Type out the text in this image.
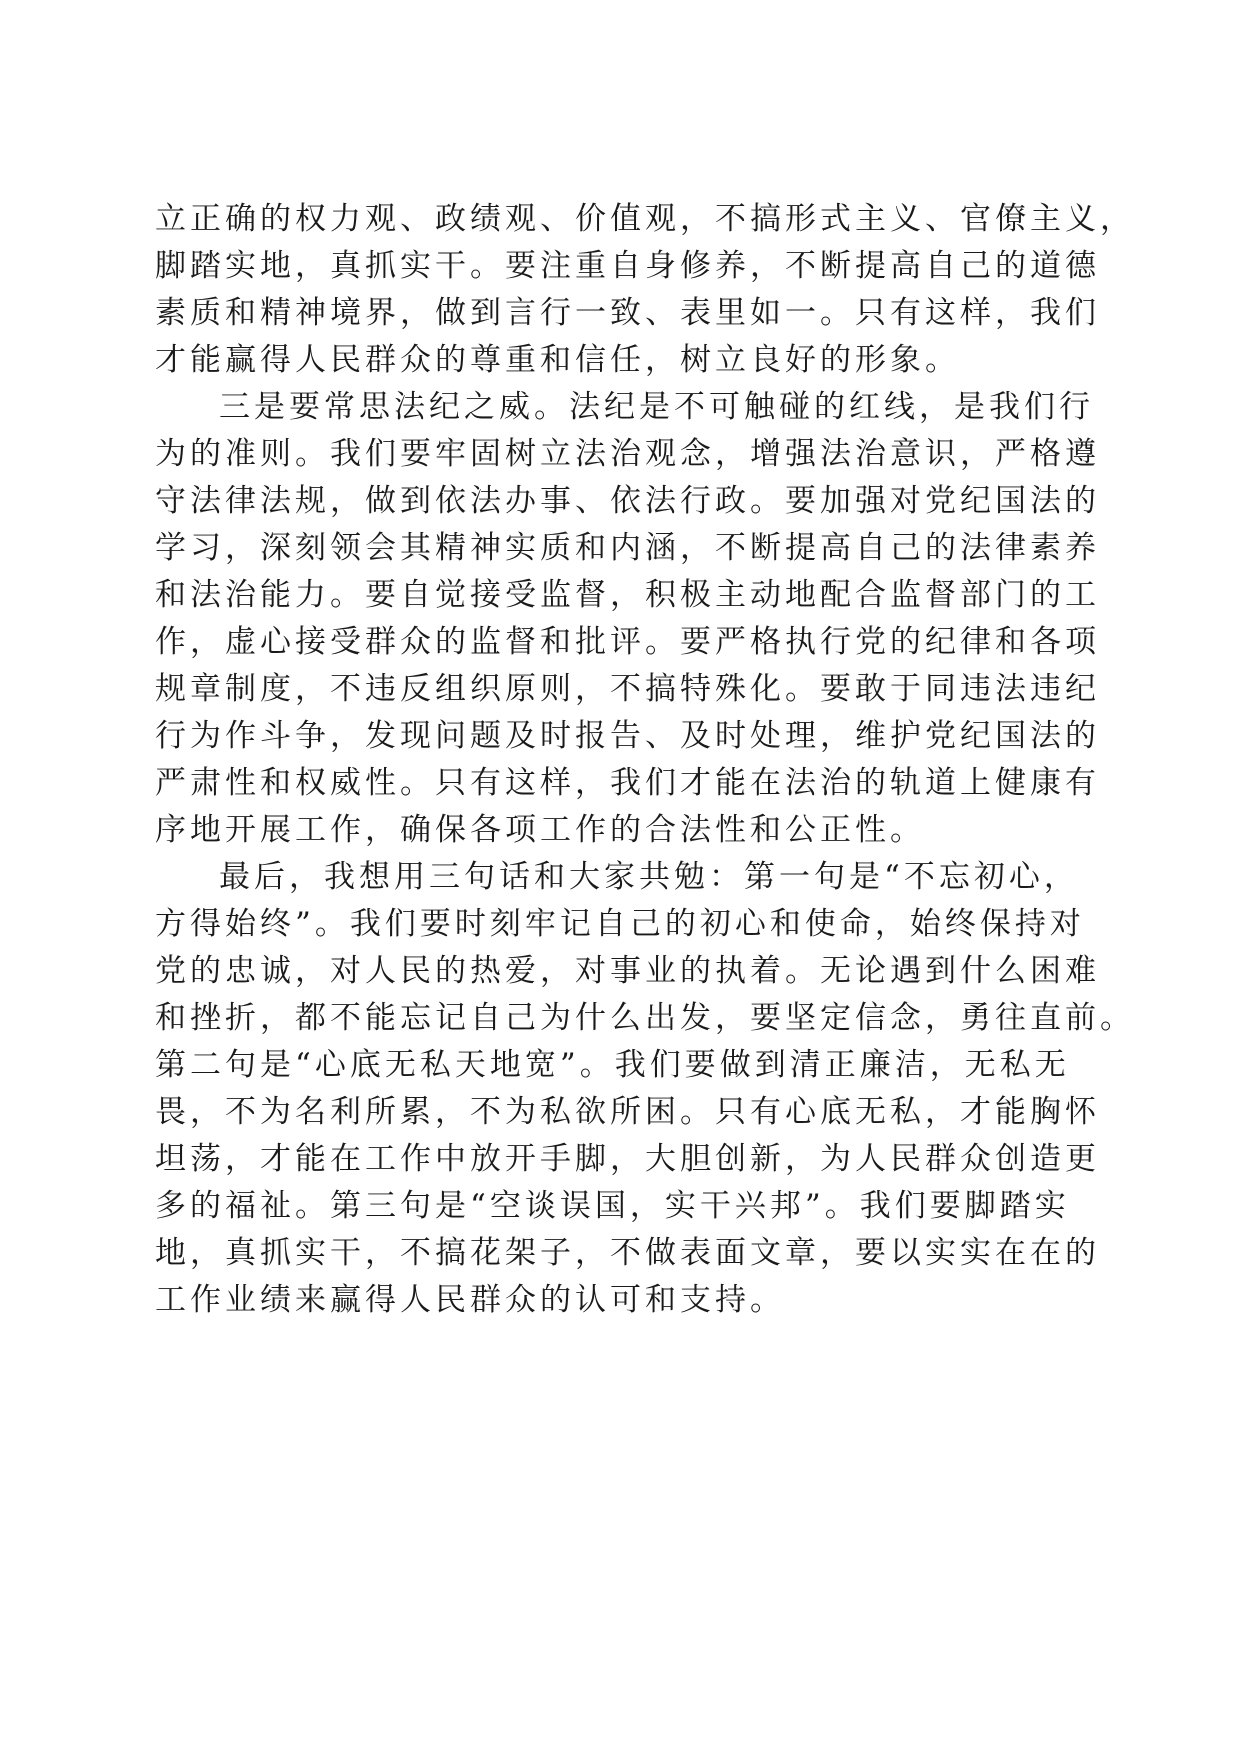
立正确的权力观、政绩观、价值观，不搞形式主义、官僚主义，
脚踏实地，真抓实干。要注重自身修养，不断提高自己的道德
素质和精神境界，做到言行一致、表里如一。只有这样，我们
才能赢得人民群众的尊重和信任，树立良好的形象。
三是要常思法纪之威。法纪是不可触碰的红线，是我们行
为的准则。我们要牢固树立法治观念，增强法治意识，严格遵
守法律法规，做到依法办事、依法行政。要加强对党纪国法的
学习，深刻领会其精神实质和内涵，不断提高自己的法律素养
和法治能力。要自觉接受监督，积极主动地配合监督部门的工
作，虚心接受群众的监督和批评。要严格执行党的纪律和各项
规章制度，不违反组织原则，不搞特殊化。要敢于同违法违纪
行为作斗争，发现问题及时报告、及时处理，维护党纪国法的
严肃性和权威性。只有这样，我们才能在法治的轨道上健康有
序地开展工作，确保各项工作的合法性和公正性。
最后，我想用三句话和大家共勉：第一句是“不忘初心，
方得始终”。我们要时刻牢记自己的初心和使命，始终保持对
党的忠诚，对人民的热爱，对事业的执着。无论遇到什么困难
和挫折，都不能忘记自己为什么出发，要坚定信念，勇往直前。
第二句是“心底无私天地宽”。我们要做到清正廉洁，无私无
畏，不为名利所累，不为私欲所困。只有心底无私，才能胸怀
坦荡，才能在工作中放开手脚，大胆创新，为人民群众创造更
多的福祉。第三句是“空谈误国，实干兴邦”。我们要脚踏实
地，真抓实干，不搞花架子，不做表面文章，要以实实在在的
工作业绩来赢得人民群众的认可和支持。
